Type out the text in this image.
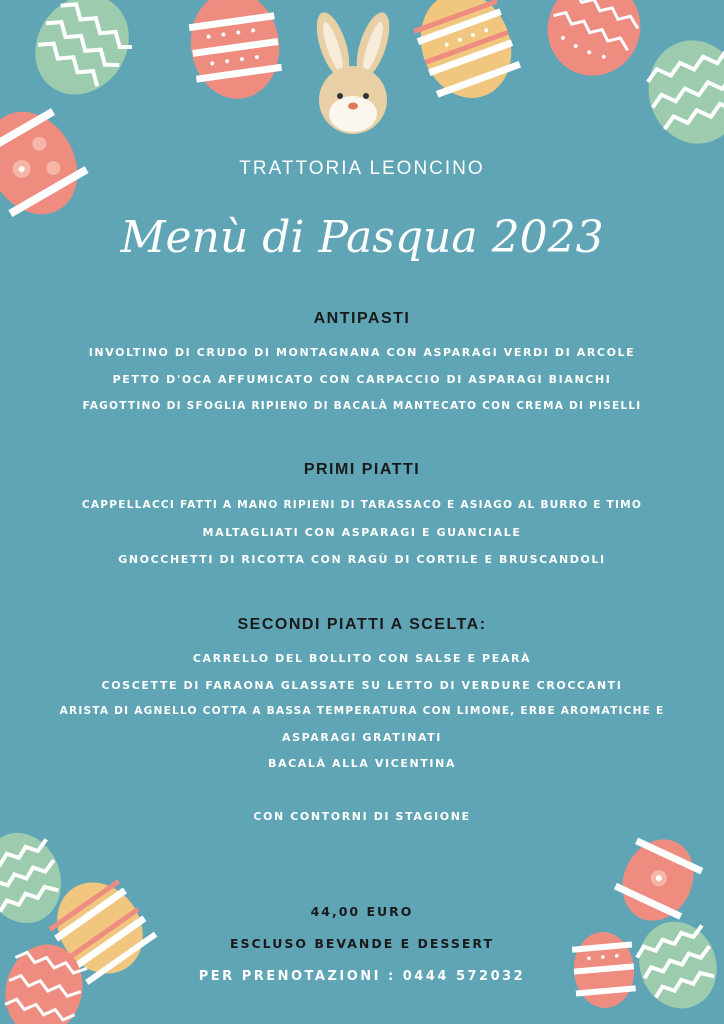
TRATTORIA LEONCINO
Menù di Pasqua 2023
ANTIPASTI
INVOLTINO DI CRUDO DI MONTAGNANA CON ASPARAGI VERDI DI ARCOLE
PETTO D'OCA AFFUMICATO CON CARPACCIO DI ASPARAGI BIANCHI
FAGOTTINO DI SFOGLIA RIPIENO DI BACALÀ MANTECATO CON CREMA DI PISELLI
PRIMI PIATTI
CAPPELLACCI FATTI A MANO RIPIENI DI TARASSACO E ASIAGO AL BURRO E TIMO
MALTAGLIATI CON ASPARAGI E GUANCIALE
GNOCCHETTI DI RICOTTA CON RAGÙ DI CORTILE E BRUSCANDOLI
SECONDI PIATTI A SCELTA:
CARRELLO DEL BOLLITO CON SALSE E PEARÀ
COSCETTE DI FARAONA GLASSATE SU LETTO DI VERDURE CROCCANTI
ARISTA DI AGNELLO COTTA A BASSA TEMPERATURA CON LIMONE, ERBE AROMATICHE E
ASPARAGI GRATINATI
BACALÀ ALLA VICENTINA
CON CONTORNI DI STAGIONE
44,00 EURO
ESCLUSO BEVANDE E DESSERT
PER PRENOTAZIONI : 0444 572032
